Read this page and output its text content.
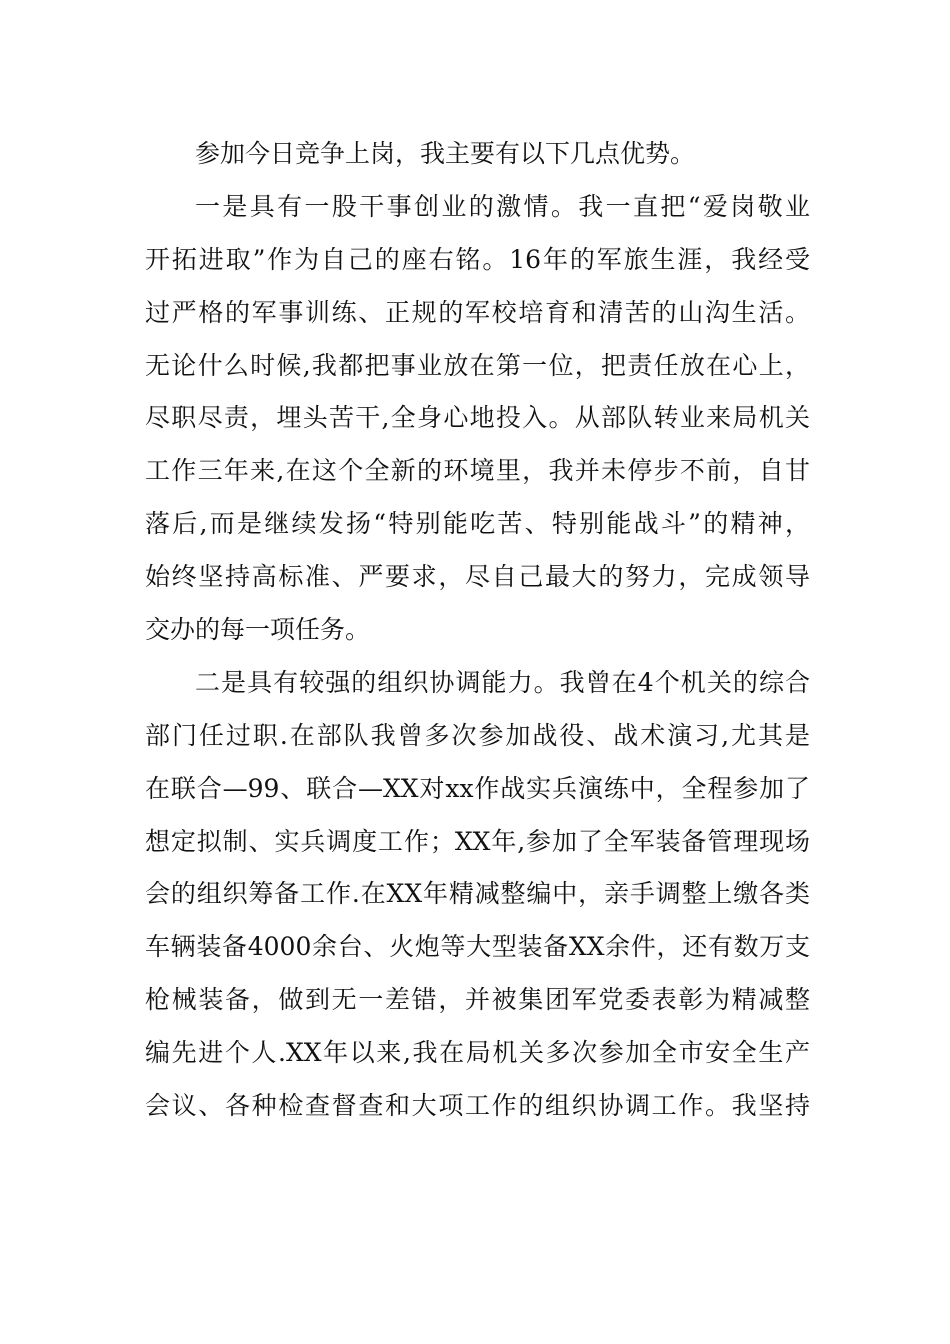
参加今日竞争上岗，我主要有以下几点优势。
一是具有一股干事创业的激情。我一直把“爱岗敬业
开拓进取”作为自己的座右铭。16年的军旅生涯，我经受
过严格的军事训练、正规的军校培育和清苦的山沟生活。
无论什么时候,我都把事业放在第一位，把责任放在心上，
尽职尽责，埋头苦干,全身心地投入。从部队转业来局机关
工作三年来,在这个全新的环境里，我并未停步不前，自甘
落后,而是继续发扬“特别能吃苦、特别能战斗”的精神，
始终坚持高标准、严要求，尽自己最大的努力，完成领导
交办的每一项任务。
二是具有较强的组织协调能力。我曾在4个机关的综合
部门任过职.在部队我曾多次参加战役、战术演习,尤其是
在联合—99、联合—XX对xx作战实兵演练中，全程参加了
想定拟制、实兵调度工作；XX年,参加了全军装备管理现场
会的组织筹备工作.在XX年精减整编中，亲手调整上缴各类
车辆装备4000余台、火炮等大型装备XX余件，还有数万支
枪械装备，做到无一差错，并被集团军党委表彰为精减整
编先进个人.XX年以来,我在局机关多次参加全市安全生产
会议、各种检查督查和大项工作的组织协调工作。我坚持
